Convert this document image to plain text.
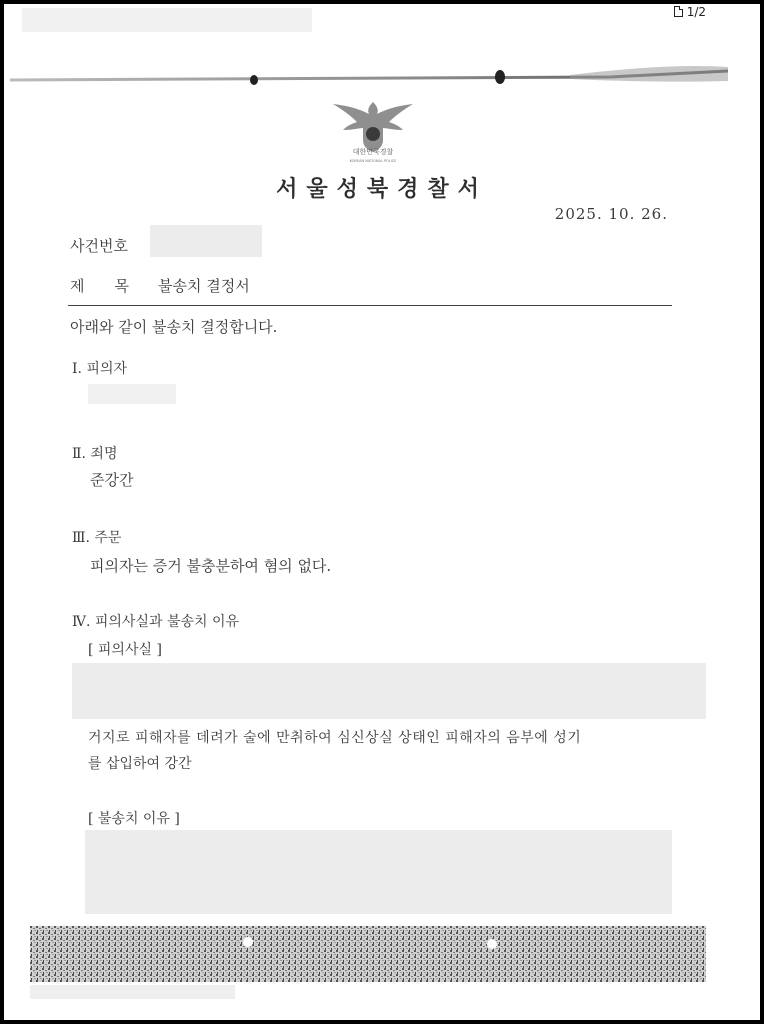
1/2
대한민국경찰
KOREAN NATIONAL POLICE
서울성북경찰서
2025. 10. 26.
사건번호
제　　목 불송치 결정서
아래와 같이 불송치 결정합니다.
Ⅰ. 피의자
Ⅱ. 죄명
준강간
Ⅲ. 주문
피의자는 증거 불충분하여 혐의 없다.
Ⅳ. 피의사실과 불송치 이유
[ 피의사실 ]
거지로 피해자를 데려가 술에 만취하여 심신상실 상태인 피해자의 음부에 성기
를 삽입하여 강간
[ 불송치 이유 ]
